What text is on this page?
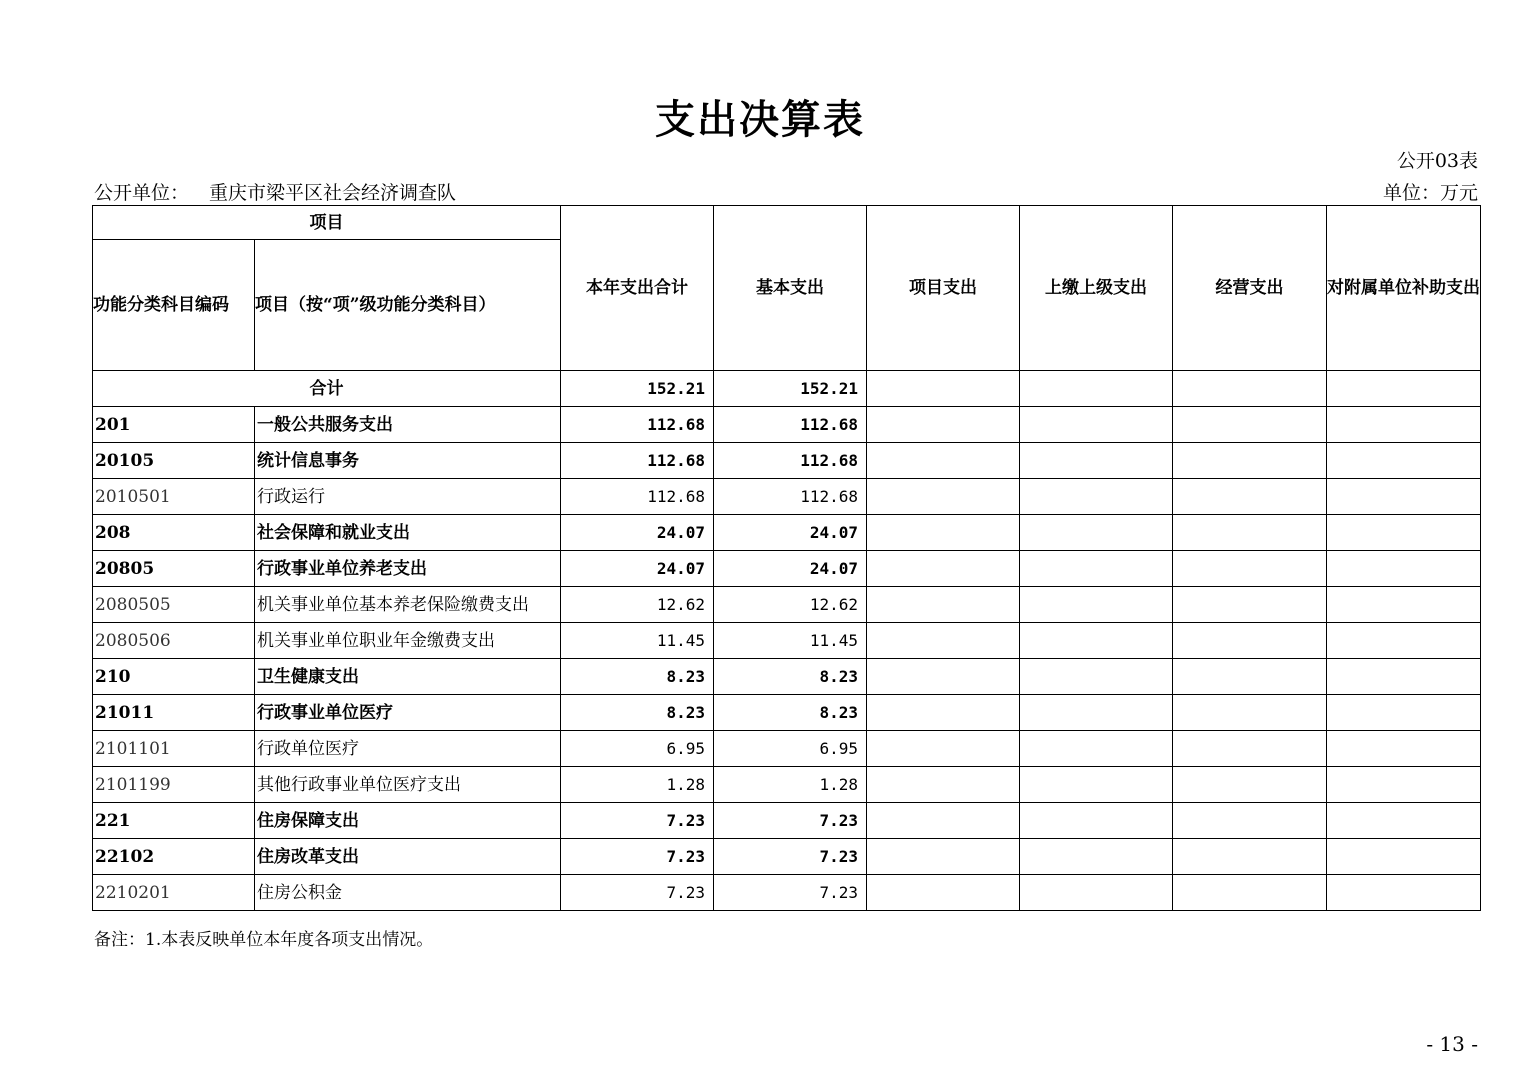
支出决算表
公开03表
公开单位： 重庆市梁平区社会经济调查队	单位：万元
项目		本年支出合计	基本支出	项目支出	上缴上级支出	经营支出	对附属单位补助支出
功能分类科目编码	项目（按“项”级功能分类科目）						
合计		152.21	152.21				
201	一般公共服务支出	112.68	112.68				
20105	统计信息事务	112.68	112.68				
2010501	行政运行	112.68	112.68				
208	社会保障和就业支出	24.07	24.07				
20805	行政事业单位养老支出	24.07	24.07				
2080505	机关事业单位基本养老保险缴费支出	12.62	12.62				
2080506	机关事业单位职业年金缴费支出	11.45	11.45				
210	卫生健康支出	8.23	8.23				
21011	行政事业单位医疗	8.23	8.23				
2101101	行政单位医疗	6.95	6.95				
2101199	其他行政事业单位医疗支出	1.28	1.28				
221	住房保障支出	7.23	7.23				
22102	住房改革支出	7.23	7.23				
2210201	住房公积金	7.23	7.23				
备注：1.本表反映单位本年度各项支出情况。
- 13 -
